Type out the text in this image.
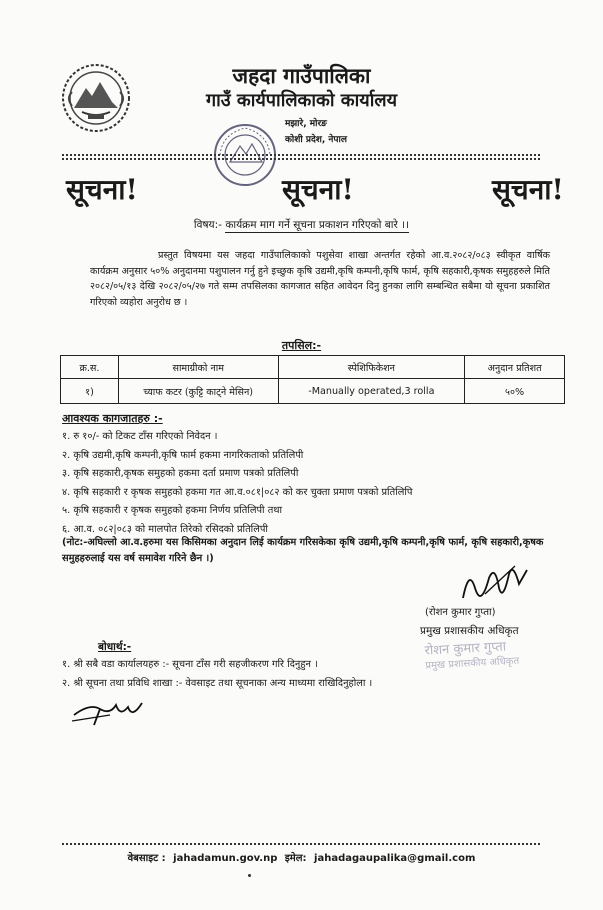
जहदा गाउँपालिका
गाउँ कार्यपालिकाको कार्यालय
मझारे, मोरङ
कोशी प्रदेश, नेपाल
सूचना!	सूचना!	सूचना!
विषय:- कार्यक्रम माग गर्ने सूचना प्रकाशन गरिएको बारे ।।
प्रस्तुत विषयमा यस जहदा गाउँपालिकाको पशुसेवा शाखा अन्तर्गत रहेको आ.व.२०८२/०८३ स्वीकृत वार्षिक कार्यक्रम अनुसार ५०% अनुदानमा पशुपालन गर्नु हुने इच्छुक कृषि उद्यमी,कृषि कम्पनी,कृषि फार्म, कृषि सहकारी,कृषक समुहहरुले मिति २०८२/०५/१३ देखि २०८२/०५/२७ गते सम्म तपसिलका कागजात सहित आवेदन दिनु हुनका लागि सम्बन्धित सबैमा यो सूचना प्रकाशित गरिएको व्यहोरा अनुरोध छ ।
तपसिल:-
क्र.स.	सामाग्रीको नाम	स्पेशिफिकेशन	अनुदान प्रतिशत
१)	च्याफ कटर (कुट्टि काट्ने मेसिन)	-Manually operated,3 rolla	५०%
आवश्यक कागजातहरु :-
१. रु १०/- को टिकट टाँस गरिएको निवेदन ।
२. कृषि उद्यमी,कृषि कम्पनी,कृषि फार्म हकमा नागरिकताको प्रतिलिपी
३. कृषि सहकारी,कृषक समुहको हकमा दर्ता प्रमाण पत्रको प्रतिलिपी
४. कृषि सहकारी र कृषक समुहको हकमा गत आ.व.०८१|०८२ को कर चुक्ता प्रमाण पत्रको प्रतिलिपि
५. कृषि सहकारी र कृषक समुहको हकमा निर्णय प्रतिलिपी तथा
६. आ.व. ०८२|०८३ को मालपोत तिरेको रसिदको प्रतिलिपी
(नोट:-अघिल्लो आ.व.हरुमा यस किसिमका अनुदान लिई कार्यक्रम गरिसकेका कृषि उद्यमी,कृषि कम्पनी,कृषि फार्म, कृषि सहकारी,कृषक समुहहरुलाई यस वर्ष समावेश गरिने छैन ।)
(रोशन कुमार गुप्ता)
प्रमुख प्रशासकीय अधिकृत
रोशन कुमार गुप्ता
प्रमुख प्रशासकीय अधिकृत
बोधार्थ:-
१. श्री सबै वडा कार्यालयहरु :- सूचना टाँस गरी सहजीकरण गरि दिनुहुन ।
२. श्री सूचना तथा प्रविधि शाखा :- वेवसाइट तथा सूचनाका अन्य माध्यमा राखिदिनुहोला ।
वेबसाइट : jahadamun.gov.np इमेल: jahadagaupalika@gmail.com
